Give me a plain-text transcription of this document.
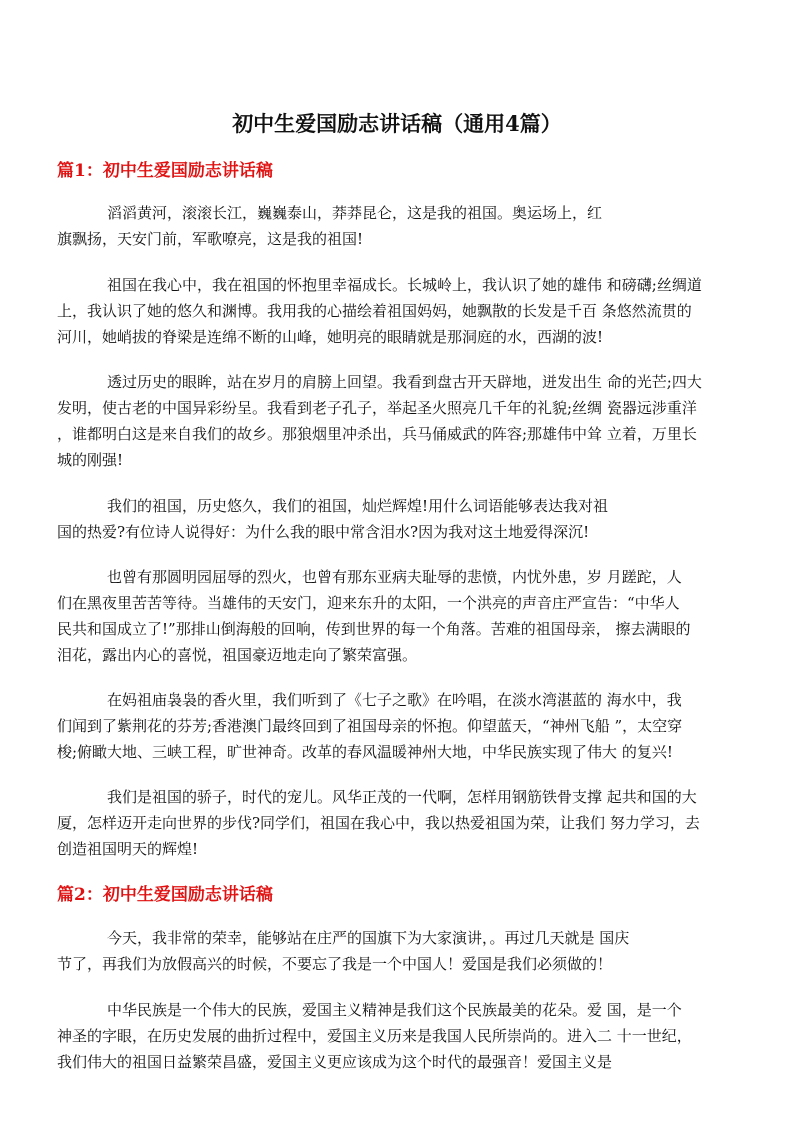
初中生爱国励志讲话稿（通用4篇）
篇1：初中生爱国励志讲话稿
滔滔黄河，滚滚长江，巍巍泰山，莽莽昆仑，这是我的祖国。奥运场上，红
旗飘扬，天安门前，军歌嘹亮，这是我的祖国!
祖国在我心中，我在祖国的怀抱里幸福成长。长城岭上，我认识了她的雄伟 和磅礴;丝绸道
上，我认识了她的悠久和渊博。我用我的心描绘着祖国妈妈，她飘散的长发是千百 条悠然流贯的
河川，她峭拔的脊梁是连绵不断的山峰，她明亮的眼睛就是那洞庭的水，西湖的波!
透过历史的眼眸，站在岁月的肩膀上回望。我看到盘古开天辟地，迸发出生 命的光芒;四大
发明，使古老的中国异彩纷呈。我看到老子孔子，举起圣火照亮几千年的礼貌;丝绸 瓷器远涉重洋
，谁都明白这是来自我们的故乡。那狼烟里冲杀出，兵马俑威武的阵容;那雄伟中耸 立着，万里长
城的刚强!
我们的祖国，历史悠久，我们的祖国，灿烂辉煌!用什么词语能够表达我对祖
国的热爱?有位诗人说得好：为什么我的眼中常含泪水?因为我对这土地爱得深沉!
也曾有那圆明园屈辱的烈火，也曾有那东亚病夫耻辱的悲愤，内忧外患，岁 月蹉跎，人
们在黑夜里苦苦等待。当雄伟的天安门，迎来东升的太阳，一个洪亮的声音庄严宣告：“中华人
民共和国成立了!”那排山倒海般的回响，传到世界的每一个角落。苦难的祖国母亲， 擦去满眼的
泪花，露出内心的喜悦，祖国豪迈地走向了繁荣富强。
在妈祖庙袅袅的香火里，我们听到了《七子之歌》在吟唱，在淡水湾湛蓝的 海水中，我
们闻到了紫荆花的芬芳;香港澳门最终回到了祖国母亲的怀抱。仰望蓝天，“神州飞船 ”，太空穿
梭;俯瞰大地、三峡工程，旷世神奇。改革的春风温暖神州大地，中华民族实现了伟大 的复兴!
我们是祖国的骄子，时代的宠儿。风华正茂的一代啊，怎样用钢筋铁骨支撑 起共和国的大
厦，怎样迈开走向世界的步伐?同学们，祖国在我心中，我以热爱祖国为荣，让我们 努力学习，去
创造祖国明天的辉煌!
篇2：初中生爱国励志讲话稿
今天，我非常的荣幸，能够站在庄严的国旗下为大家演讲，。再过几天就是 国庆
节了，再我们为放假高兴的时候，不要忘了我是一个中国人！爱国是我们必须做的！
中华民族是一个伟大的民族，爱国主义精神是我们这个民族最美的花朵。爱 国，是一个
神圣的字眼，在历史发展的曲折过程中，爱国主义历来是我国人民所崇尚的。进入二 十一世纪，
我们伟大的祖国日益繁荣昌盛，爱国主义更应该成为这个时代的最强音！爱国主义是
